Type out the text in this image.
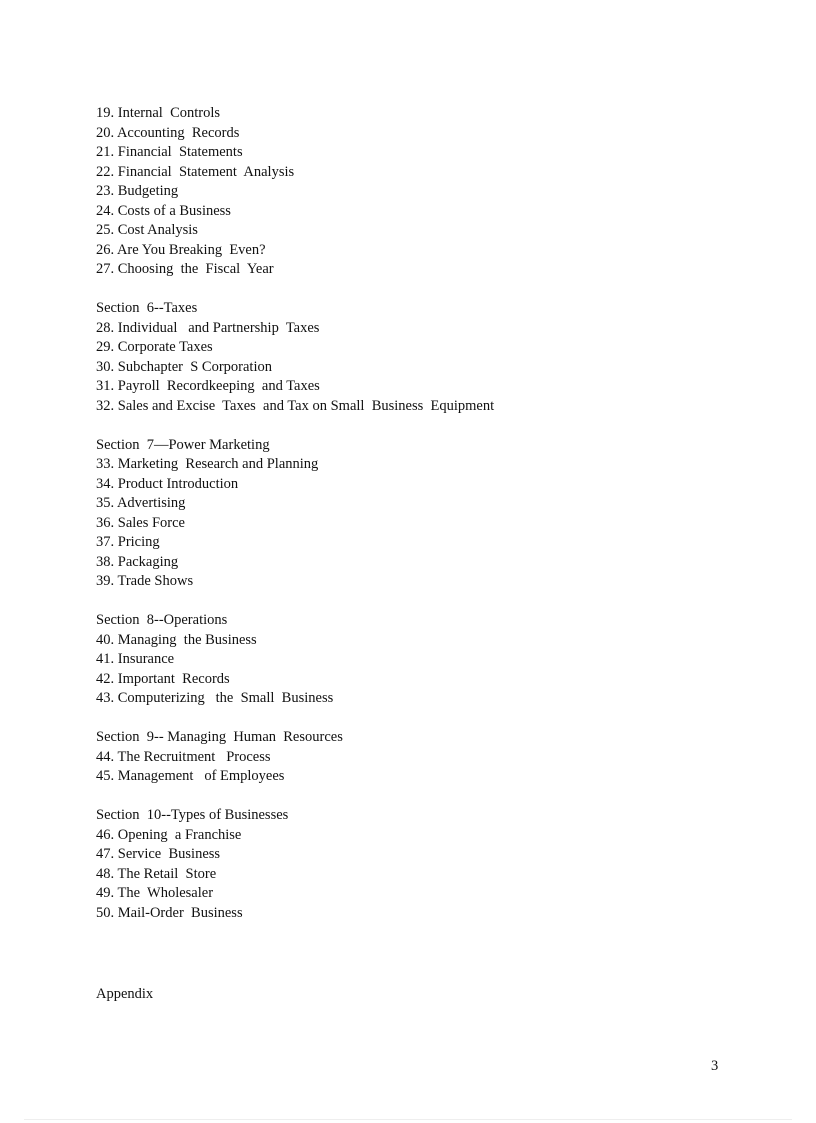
19. Internal  Controls
20. Accounting  Records
21. Financial  Statements
22. Financial  Statement  Analysis
23. Budgeting
24. Costs of a Business
25. Cost Analysis
26. Are You Breaking  Even?
27. Choosing  the  Fiscal  Year
Section  6--Taxes
28. Individual   and Partnership  Taxes
29. Corporate Taxes
30. Subchapter  S Corporation
31. Payroll  Recordkeeping  and Taxes
32. Sales and Excise  Taxes  and Tax on Small  Business  Equipment
Section  7—Power Marketing
33. Marketing  Research and Planning
34. Product Introduction
35. Advertising
36. Sales Force
37. Pricing
38. Packaging
39. Trade Shows
Section  8--Operations
40. Managing  the Business
41. Insurance
42. Important  Records
43. Computerizing   the  Small  Business
Section  9-- Managing  Human  Resources
44. The Recruitment   Process
45. Management   of Employees
Section  10--Types of Businesses
46. Opening  a Franchise
47. Service  Business
48. The Retail  Store
49. The  Wholesaler
50. Mail-Order  Business
Appendix
3
